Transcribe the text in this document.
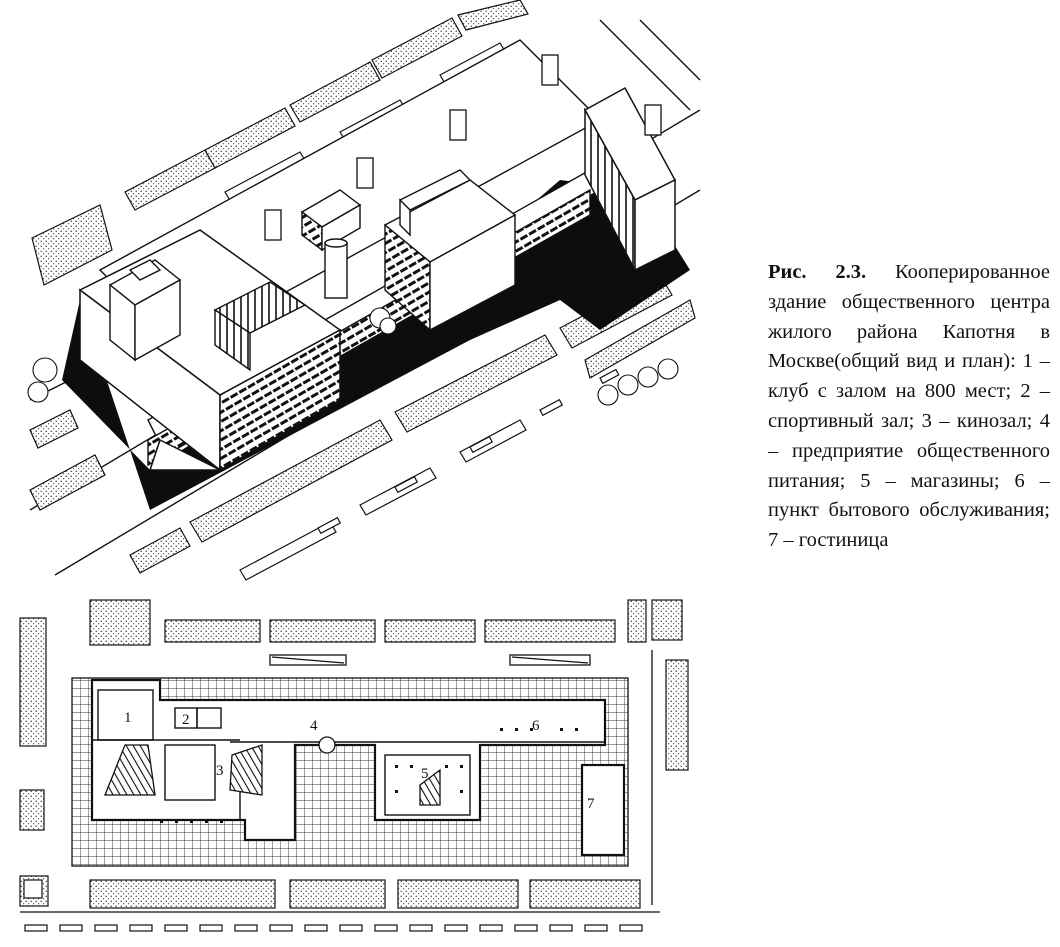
1	2
3
4
5
6
7
Рис. 2.3. Кооперированное здание общественного центра жилого района Капотня в Москве(общий вид и план): 1 – клуб с залом на 800 мест; 2 – спортивный зал; 3 – кинозал; 4 – предприятие общественного питания; 5 – магазины; 6 – пункт бытового обслуживания; 7 – гостиница
